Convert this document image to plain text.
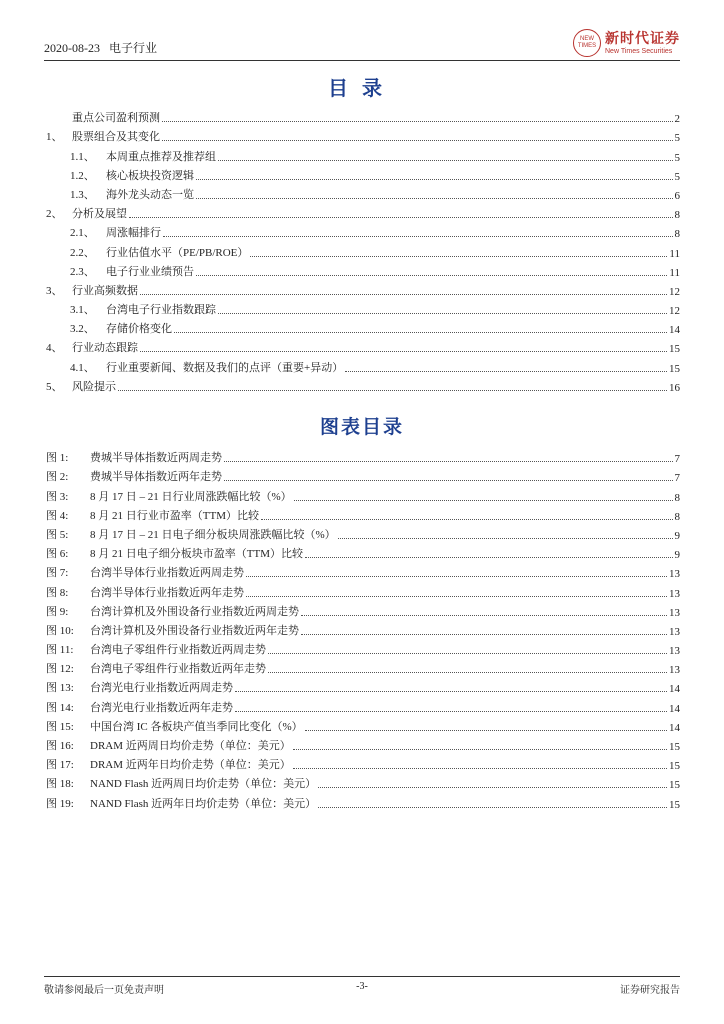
2020-08-23 电子行业
NEW
TIMES 新时代证券
New Times Securities
目录
重点公司盈利预测	2
1、 股票组合及其变化	5
1.1、	本周重点推荐及推荐组	5
1.2、	核心板块投资逻辑	5
1.3、	海外龙头动态一览	6
2、 分析及展望	8
2.1、	周涨幅排行	8
2.2、	行业估值水平（PE/PB/ROE）	11
2.3、	电子行业业绩预告	11
3、 行业高频数据	12
3.1、	台湾电子行业指数跟踪	12
3.2、	存储价格变化	14
4、 行业动态跟踪	15
4.1、	行业重要新闻、数据及我们的点评（重要+异动）	15
5、 风险提示	16
图表目录
图 1:	费城半导体指数近两周走势	7
图 2:	费城半导体指数近两年走势	7
图 3:	8 月 17 日 – 21 日行业周涨跌幅比较（%）	8
图 4:	8 月 21 日行业市盈率（TTM）比较	8
图 5:	8 月 17 日 – 21 日电子细分板块周涨跌幅比较（%）	9
图 6:	8 月 21 日电子细分板块市盈率（TTM）比较	9
图 7:	台湾半导体行业指数近两周走势	13
图 8:	台湾半导体行业指数近两年走势	13
图 9:	台湾计算机及外围设备行业指数近两周走势	13
图 10:	台湾计算机及外围设备行业指数近两年走势	13
图 11:	台湾电子零组件行业指数近两周走势	13
图 12:	台湾电子零组件行业指数近两年走势	13
图 13:	台湾光电行业指数近两周走势	14
图 14:	台湾光电行业指数近两年走势	14
图 15:	中国台湾 IC 各板块产值当季同比变化（%）	14
图 16:	DRAM 近两周日均价走势（单位：美元）	15
图 17:	DRAM 近两年日均价走势（单位：美元）	15
图 18:	NAND Flash 近两周日均价走势（单位：美元）	15
图 19:	NAND Flash 近两年日均价走势（单位：美元）	15
敬请参阅最后一页免责声明	-3-	证券研究报告
